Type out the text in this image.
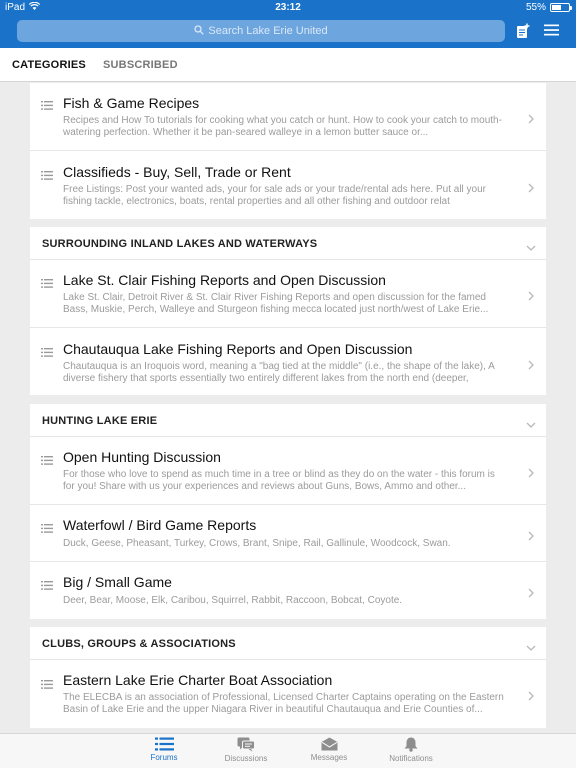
iPad	23:12	55%
Search Lake Erie United
CATEGORIES SUBSCRIBED
Fish & Game Recipes
Recipes and How To tutorials for cooking what you catch or hunt. How to cook your catch to mouth-watering perfection. Whether it be pan-seared walleye in a lemon butter sauce or...
Classifieds - Buy, Sell, Trade or Rent
Free Listings: Post your wanted ads, your for sale ads or your trade/rental ads here. Put all your fishing tackle, electronics, boats, rental properties and all other fishing and outdoor relat
SURROUNDING INLAND LAKES AND WATERWAYS
Lake St. Clair Fishing Reports and Open Discussion
Lake St. Clair, Detroit River & St. Clair River Fishing Reports and open discussion for the famed Bass, Muskie, Perch, Walleye and Sturgeon fishing mecca located just north/west of Lake Erie...
Chautauqua Lake Fishing Reports and Open Discussion
Chautauqua is an Iroquois word, meaning a "bag tied at the middle" (i.e., the shape of the lake), A diverse fishery that sports essentially two entirely different lakes from the north end (deeper,
HUNTING LAKE ERIE
Open Hunting Discussion
For those who love to spend as much time in a tree or blind as they do on the water - this forum is for you! Share with us your experiences and reviews about Guns, Bows, Ammo and other...
Waterfowl / Bird Game Reports
Duck, Geese, Pheasant, Turkey, Crows, Brant, Snipe, Rail, Gallinule, Woodcock, Swan.
Big / Small Game
Deer, Bear, Moose, Elk, Caribou, Squirrel, Rabbit, Raccoon, Bobcat, Coyote.
CLUBS, GROUPS & ASSOCIATIONS
Eastern Lake Erie Charter Boat Association
The ELECBA is an association of Professional, Licensed Charter Captains operating on the Eastern Basin of Lake Erie and the upper Niagara River in beautiful Chautauqua and Erie Counties of...
Forums	Discussions	Messages	Notifications
